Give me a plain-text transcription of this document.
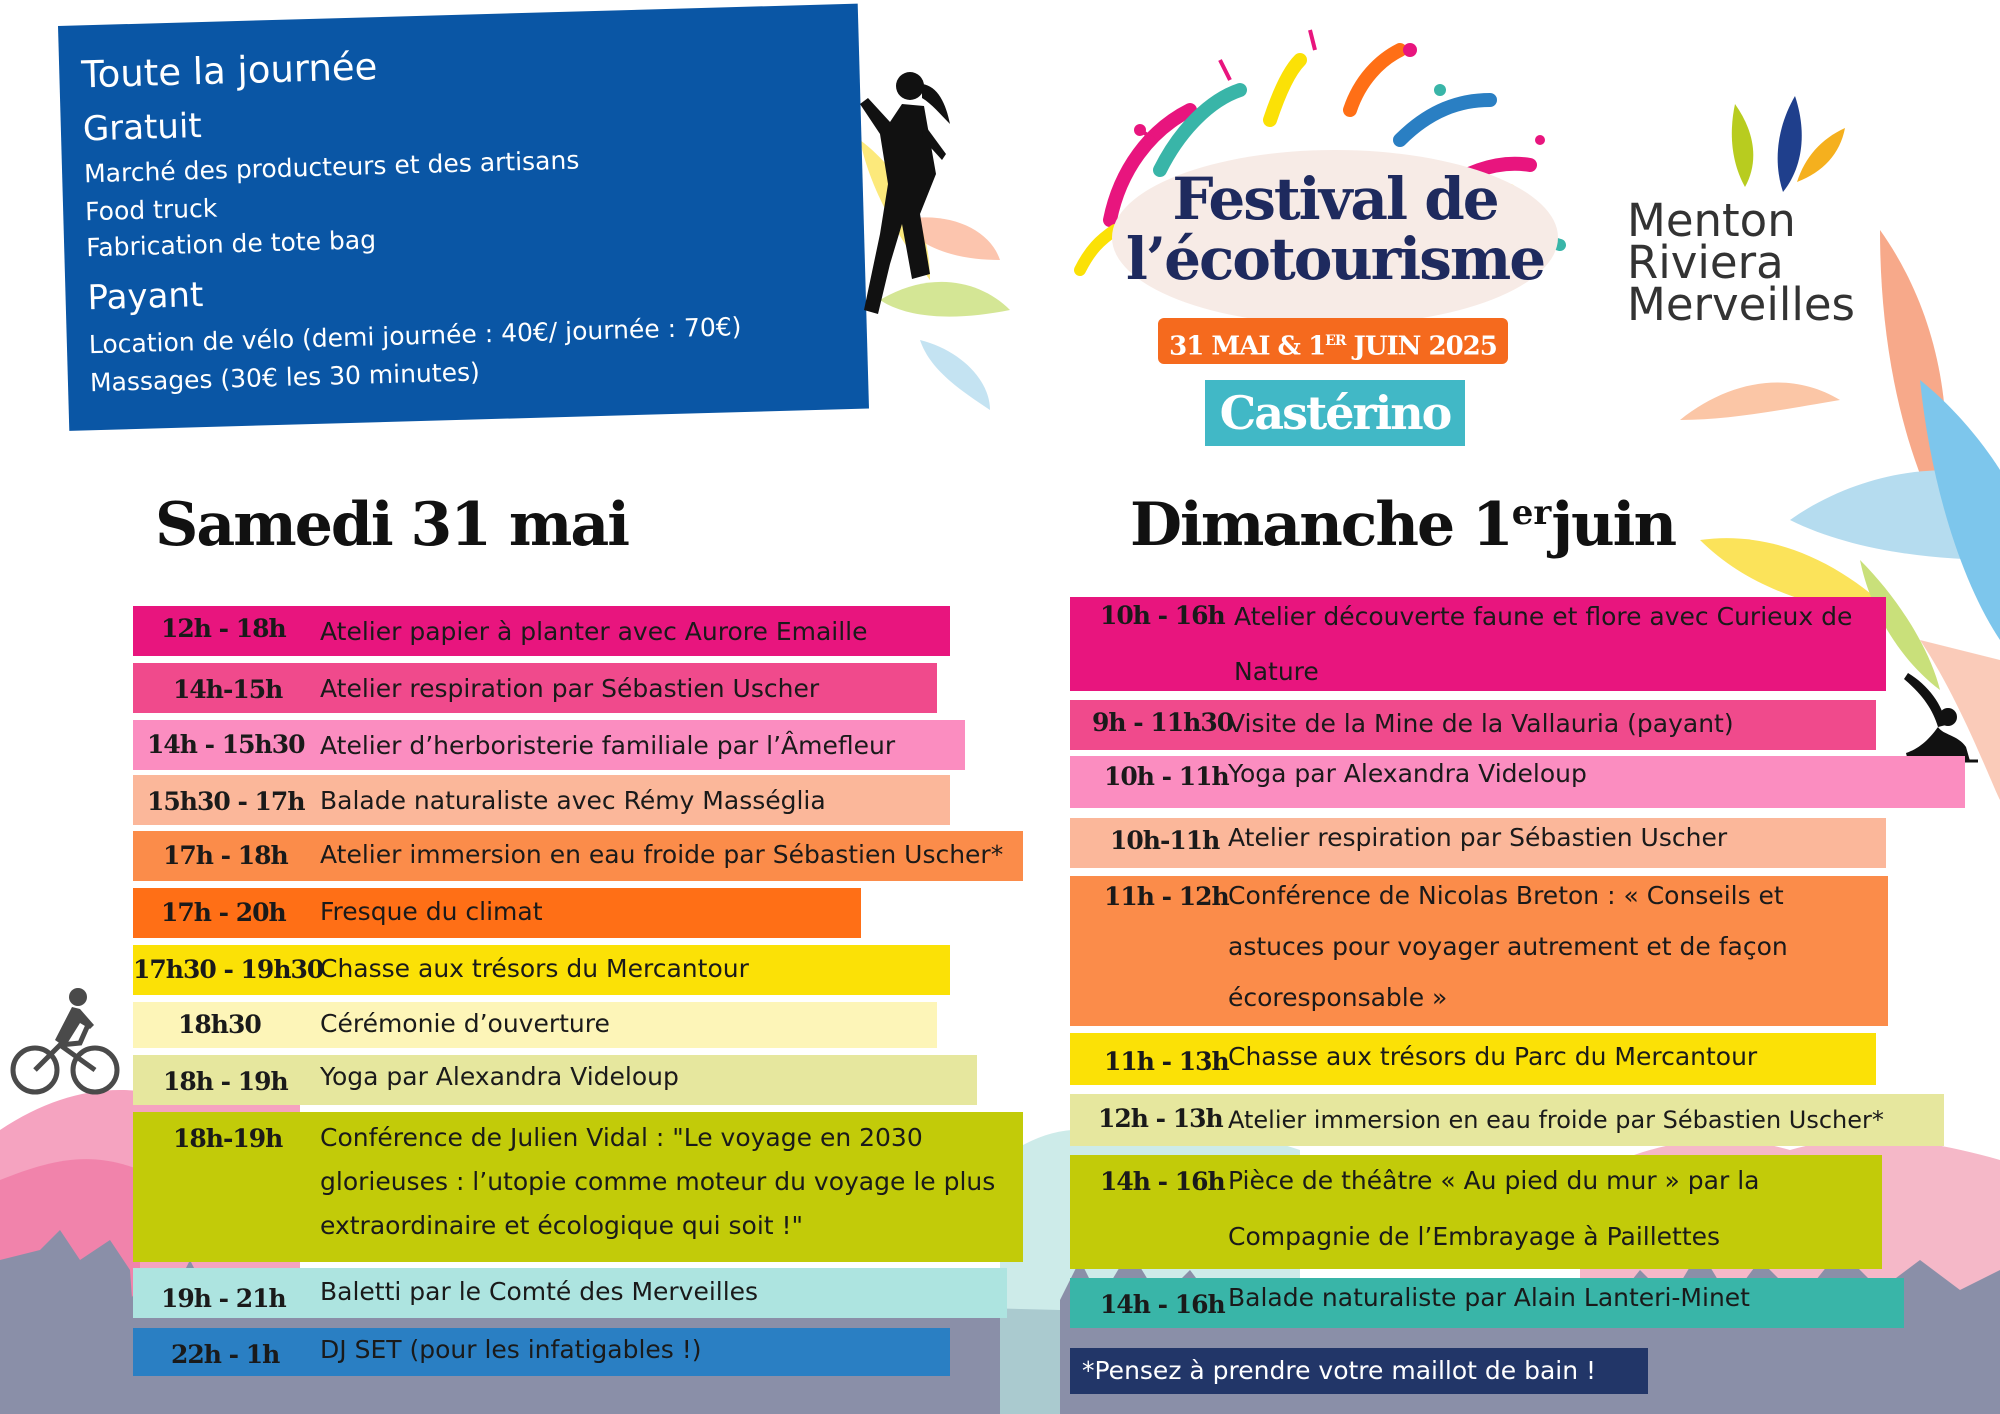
Toute la journée
Gratuit
Marché des producteurs et des artisans
Food truck
Fabrication de tote bag
Payant
Location de vélo (demi journée : 40€/ journée : 70€)
Massages (30€ les 30 minutes)
Festival de
l’écotourisme
31 MAI & 1ER JUIN 2025
Castérino
Menton
Riviera
Merveilles
Samedi 31 mai	Dimanche 1erjuin
12h - 18h Atelier papier à planter avec Aurore Emaille
14h-15h Atelier respiration par Sébastien Uscher
14h - 15h30 Atelier d’herboristerie familiale par l’Âmefleur
15h30 - 17h Balade naturaliste avec Rémy Masséglia
17h - 18h Atelier immersion en eau froide par Sébastien Uscher*
17h - 20h Fresque du climat
17h30 - 19h30
Chasse aux trésors du Mercantour
18h30 Cérémonie d’ouverture
18h - 19h Yoga par Alexandra Videloup
18h-19h Conférence de Julien Vidal : "Le voyage en 2030 glorieuses : l’utopie comme moteur du voyage le plus extraordinaire et écologique qui soit !"
19h - 21h Baletti par le Comté des Merveilles
22h - 1h DJ SET (pour les infatigables !)
10h - 16h Atelier découverte faune et flore avec Curieux de Nature
9h - 11h30
Visite de la Mine de la Vallauria (payant)
10h - 11h Yoga par Alexandra Videloup
10h-11h Atelier respiration par Sébastien Uscher
11h - 12h Conférence de Nicolas Breton : « Conseils et astuces pour voyager autrement et de façon écoresponsable »
11h - 13h Chasse aux trésors du Parc du Mercantour
12h - 13h Atelier immersion en eau froide par Sébastien Uscher*
14h - 16h Pièce de théâtre « Au pied du mur » par la Compagnie de l’Embrayage à Paillettes
14h - 16h Balade naturaliste par Alain Lanteri-Minet
*Pensez à prendre votre maillot de bain !
